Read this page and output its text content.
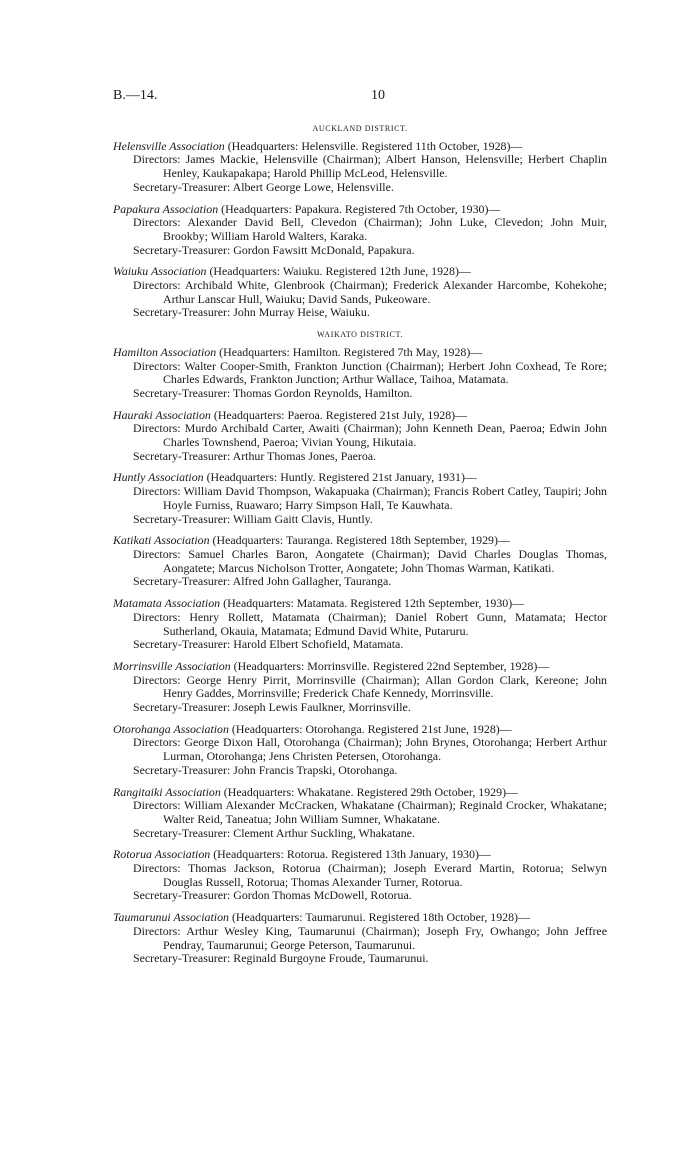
B.—14.	10
AUCKLAND DISTRICT.
Helensville Association (Headquarters: Helensville. Registered 11th October, 1928)—
Directors: James Mackie, Helensville (Chairman); Albert Hanson, Helensville; Herbert Chaplin Henley, Kaukapakapa; Harold Phillip McLeod, Helensville.
Secretary-Treasurer: Albert George Lowe, Helensville.
Papakura Association (Headquarters: Papakura. Registered 7th October, 1930)—
Directors: Alexander David Bell, Clevedon (Chairman); John Luke, Clevedon; John Muir, Brookby; William Harold Walters, Karaka.
Secretary-Treasurer: Gordon Fawsitt McDonald, Papakura.
Waiuku Association (Headquarters: Waiuku. Registered 12th June, 1928)—
Directors: Archibald White, Glenbrook (Chairman); Frederick Alexander Harcombe, Kohekohe; Arthur Lanscar Hull, Waiuku; David Sands, Pukeoware.
Secretary-Treasurer: John Murray Heise, Waiuku.
WAIKATO DISTRICT.
Hamilton Association (Headquarters: Hamilton. Registered 7th May, 1928)—
Directors: Walter Cooper-Smith, Frankton Junction (Chairman); Herbert John Coxhead, Te Rore; Charles Edwards, Frankton Junction; Arthur Wallace, Taihoa, Matamata.
Secretary-Treasurer: Thomas Gordon Reynolds, Hamilton.
Hauraki Association (Headquarters: Paeroa. Registered 21st July, 1928)—
Directors: Murdo Archibald Carter, Awaiti (Chairman); John Kenneth Dean, Paeroa; Edwin John Charles Townshend, Paeroa; Vivian Young, Hikutaia.
Secretary-Treasurer: Arthur Thomas Jones, Paeroa.
Huntly Association (Headquarters: Huntly. Registered 21st January, 1931)—
Directors: William David Thompson, Wakapuaka (Chairman); Francis Robert Catley, Taupiri; John Hoyle Furniss, Ruawaro; Harry Simpson Hall, Te Kauwhata.
Secretary-Treasurer: William Gaitt Clavis, Huntly.
Katikati Association (Headquarters: Tauranga. Registered 18th September, 1929)—
Directors: Samuel Charles Baron, Aongatete (Chairman); David Charles Douglas Thomas, Aongatete; Marcus Nicholson Trotter, Aongatete; John Thomas Warman, Katikati.
Secretary-Treasurer: Alfred John Gallagher, Tauranga.
Matamata Association (Headquarters: Matamata. Registered 12th September, 1930)—
Directors: Henry Rollett, Matamata (Chairman); Daniel Robert Gunn, Matamata; Hector Sutherland, Okauia, Matamata; Edmund David White, Putaruru.
Secretary-Treasurer: Harold Elbert Schofield, Matamata.
Morrinsville Association (Headquarters: Morrinsville. Registered 22nd September, 1928)—
Directors: George Henry Pirrit, Morrinsville (Chairman); Allan Gordon Clark, Kereone; John Henry Gaddes, Morrinsville; Frederick Chafe Kennedy, Morrinsville.
Secretary-Treasurer: Joseph Lewis Faulkner, Morrinsville.
Otorohanga Association (Headquarters: Otorohanga. Registered 21st June, 1928)—
Directors: George Dixon Hall, Otorohanga (Chairman); John Brynes, Otorohanga; Herbert Arthur Lurman, Otorohanga; Jens Christen Petersen, Otorohanga.
Secretary-Treasurer: John Francis Trapski, Otorohanga.
Rangitaiki Association (Headquarters: Whakatane. Registered 29th October, 1929)—
Directors: William Alexander McCracken, Whakatane (Chairman); Reginald Crocker, Whakatane; Walter Reid, Taneatua; John William Sumner, Whakatane.
Secretary-Treasurer: Clement Arthur Suckling, Whakatane.
Rotorua Association (Headquarters: Rotorua. Registered 13th January, 1930)—
Directors: Thomas Jackson, Rotorua (Chairman); Joseph Everard Martin, Rotorua; Selwyn Douglas Russell, Rotorua; Thomas Alexander Turner, Rotorua.
Secretary-Treasurer: Gordon Thomas McDowell, Rotorua.
Taumarunui Association (Headquarters: Taumarunui. Registered 18th October, 1928)—
Directors: Arthur Wesley King, Taumarunui (Chairman); Joseph Fry, Owhango; John Jeffree Pendray, Taumarunui; George Peterson, Taumarunui.
Secretary-Treasurer: Reginald Burgoyne Froude, Taumarunui.
